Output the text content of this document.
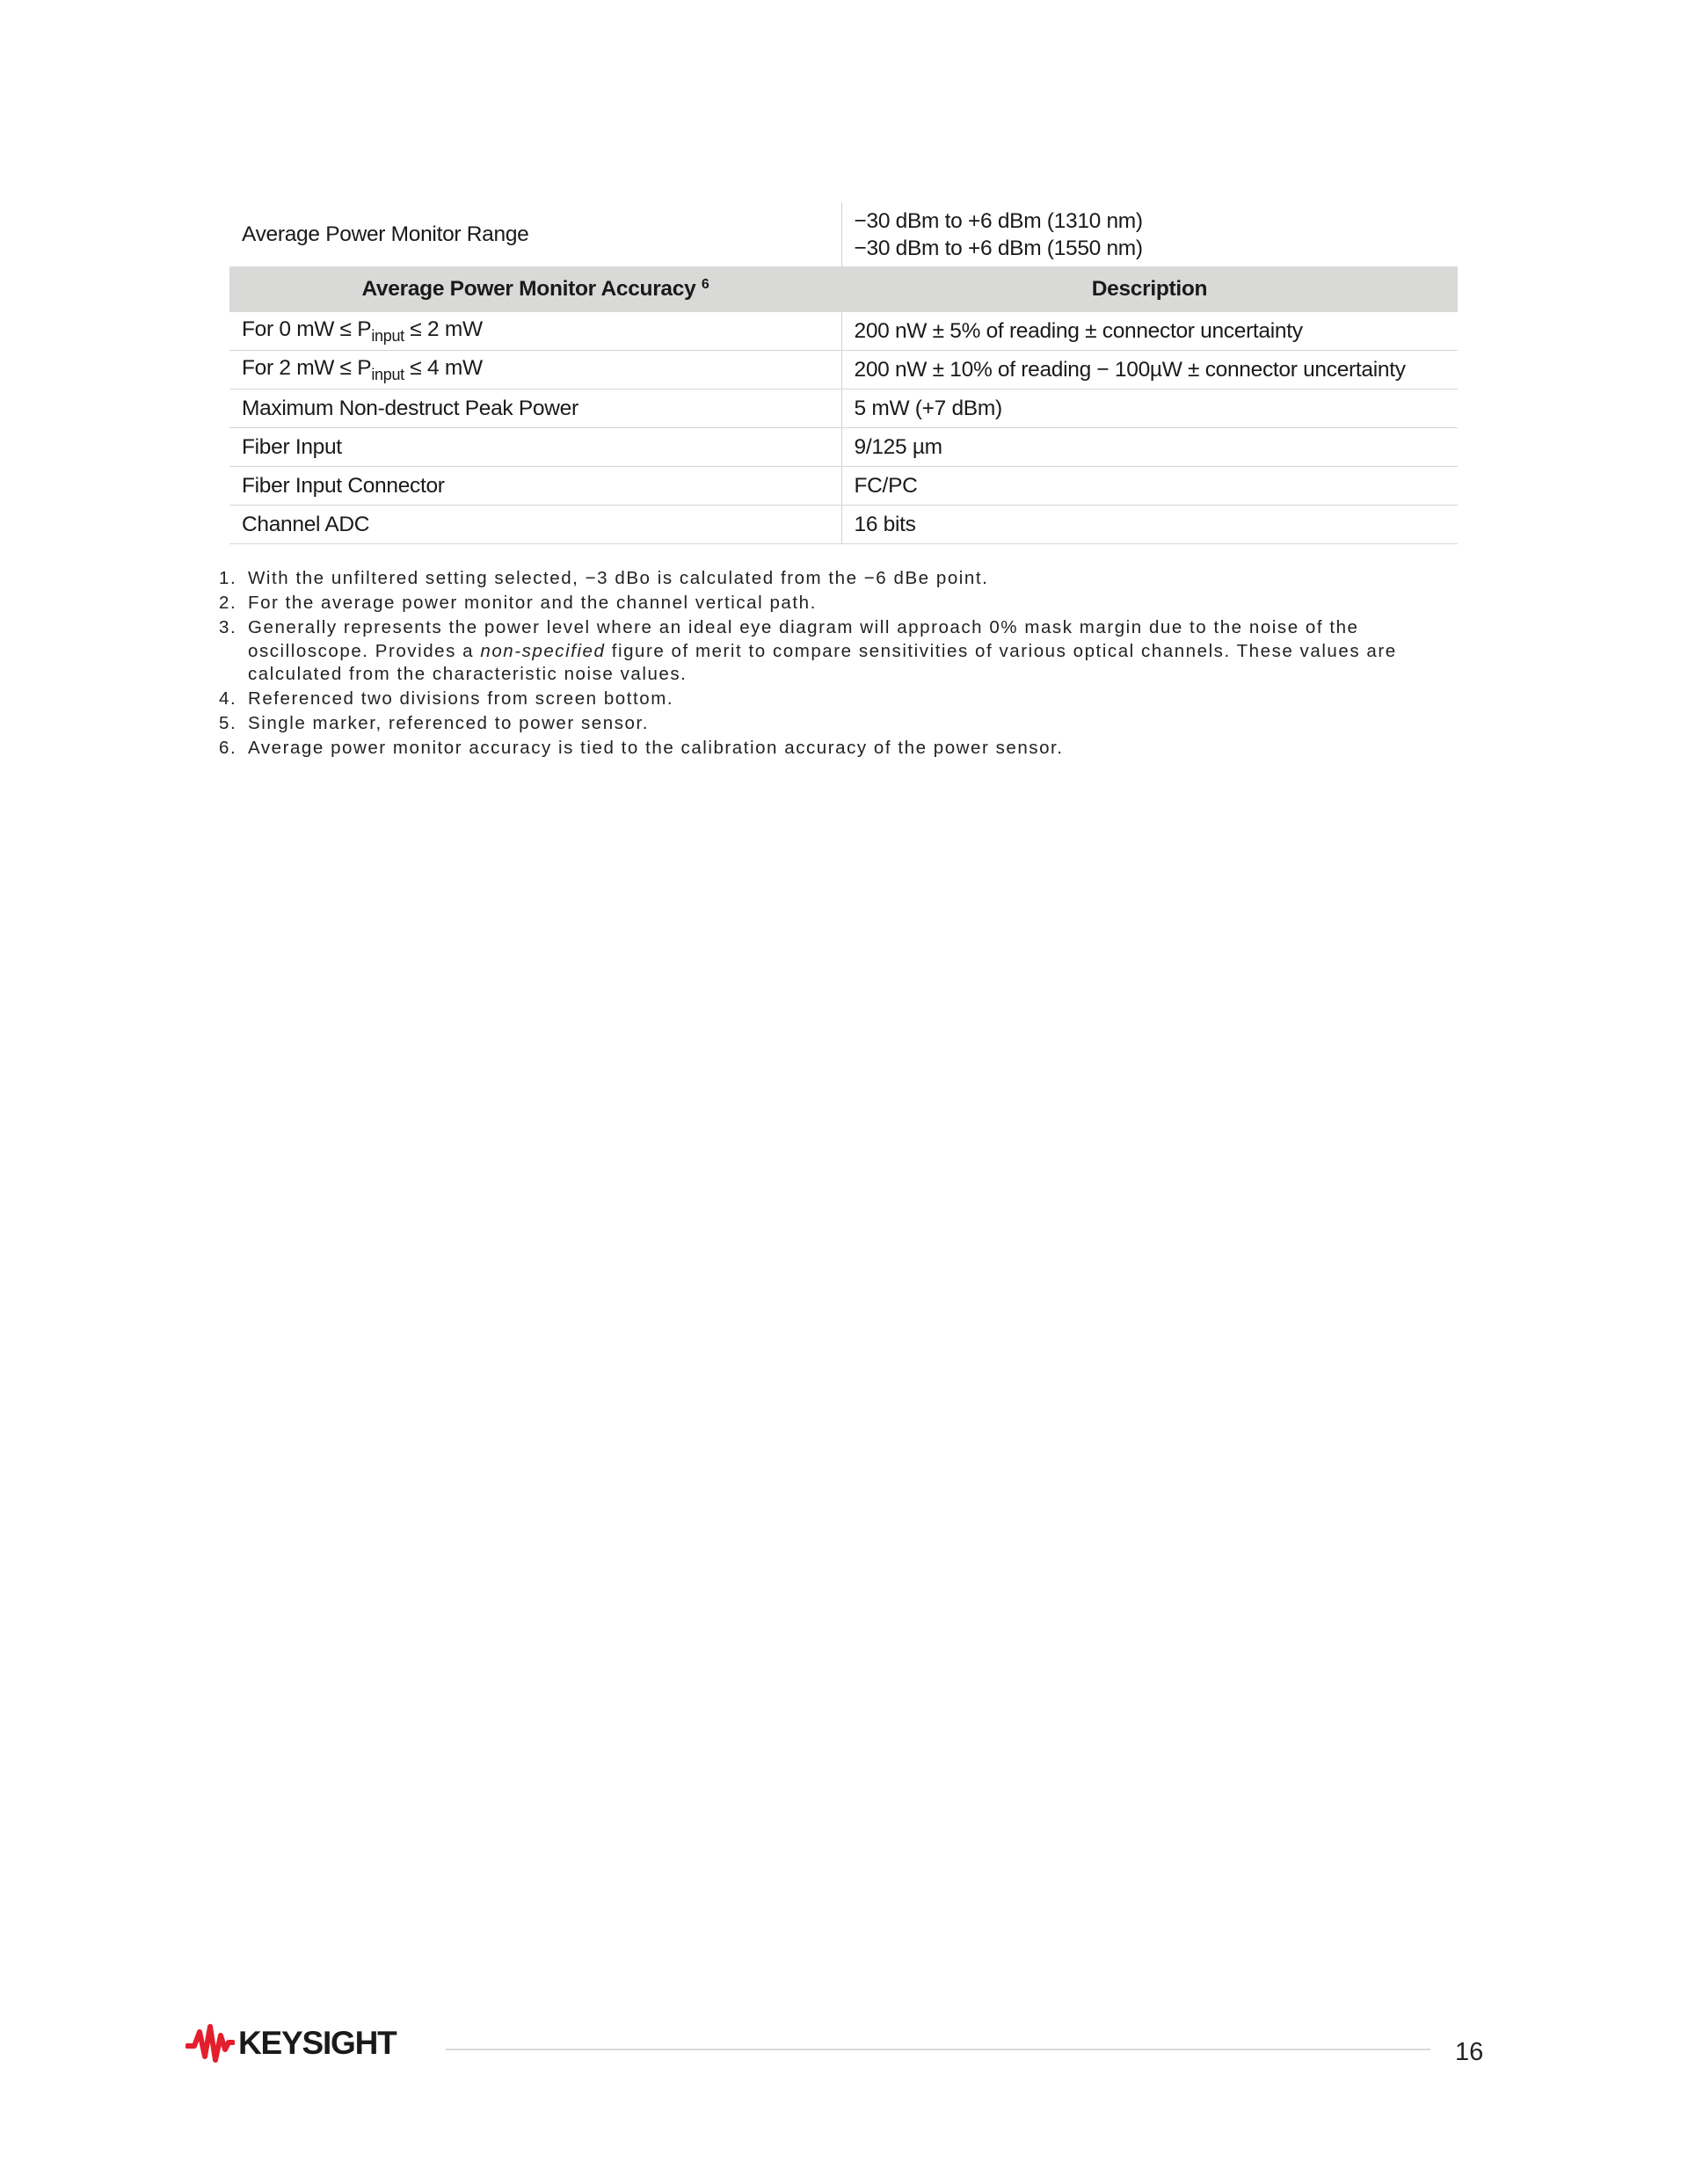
Average Power Monitor Range	−30 dBm to +6 dBm (1310 nm)
−30 dBm to +6 dBm (1550 nm)

Average Power Monitor Accuracy $^6$	Description
For 0 mW ≤ $P_{input} \le 2$ mW	200 nW ± 5% of reading ± connector uncertainty
For 2 mW ≤ $P_{input} \le 4$ mW	200 nW ± 10% of reading − 100µW ± connector uncertainty
Maximum Non-destruct Peak Power	5 mW (+7 dBm)
Fiber Input	9/125 µm
Fiber Input Connector	FC/PC
Channel ADC	16 bits
1. With the unfiltered setting selected, −3 dBo is calculated from the −6 dBe point.
2. For the average power monitor and the channel vertical path.
3. Generally represents the power level where an ideal eye diagram will approach 0% mask margin due to the noise of the oscilloscope. Provides a non-specified figure of merit to compare sensitivities of various optical channels. These values are calculated from the characteristic noise values.
4. Referenced two divisions from screen bottom.
5. Single marker, referenced to power sensor.
6. Average power monitor accuracy is tied to the calibration accuracy of the power sensor.
KEYSIGHT	16
